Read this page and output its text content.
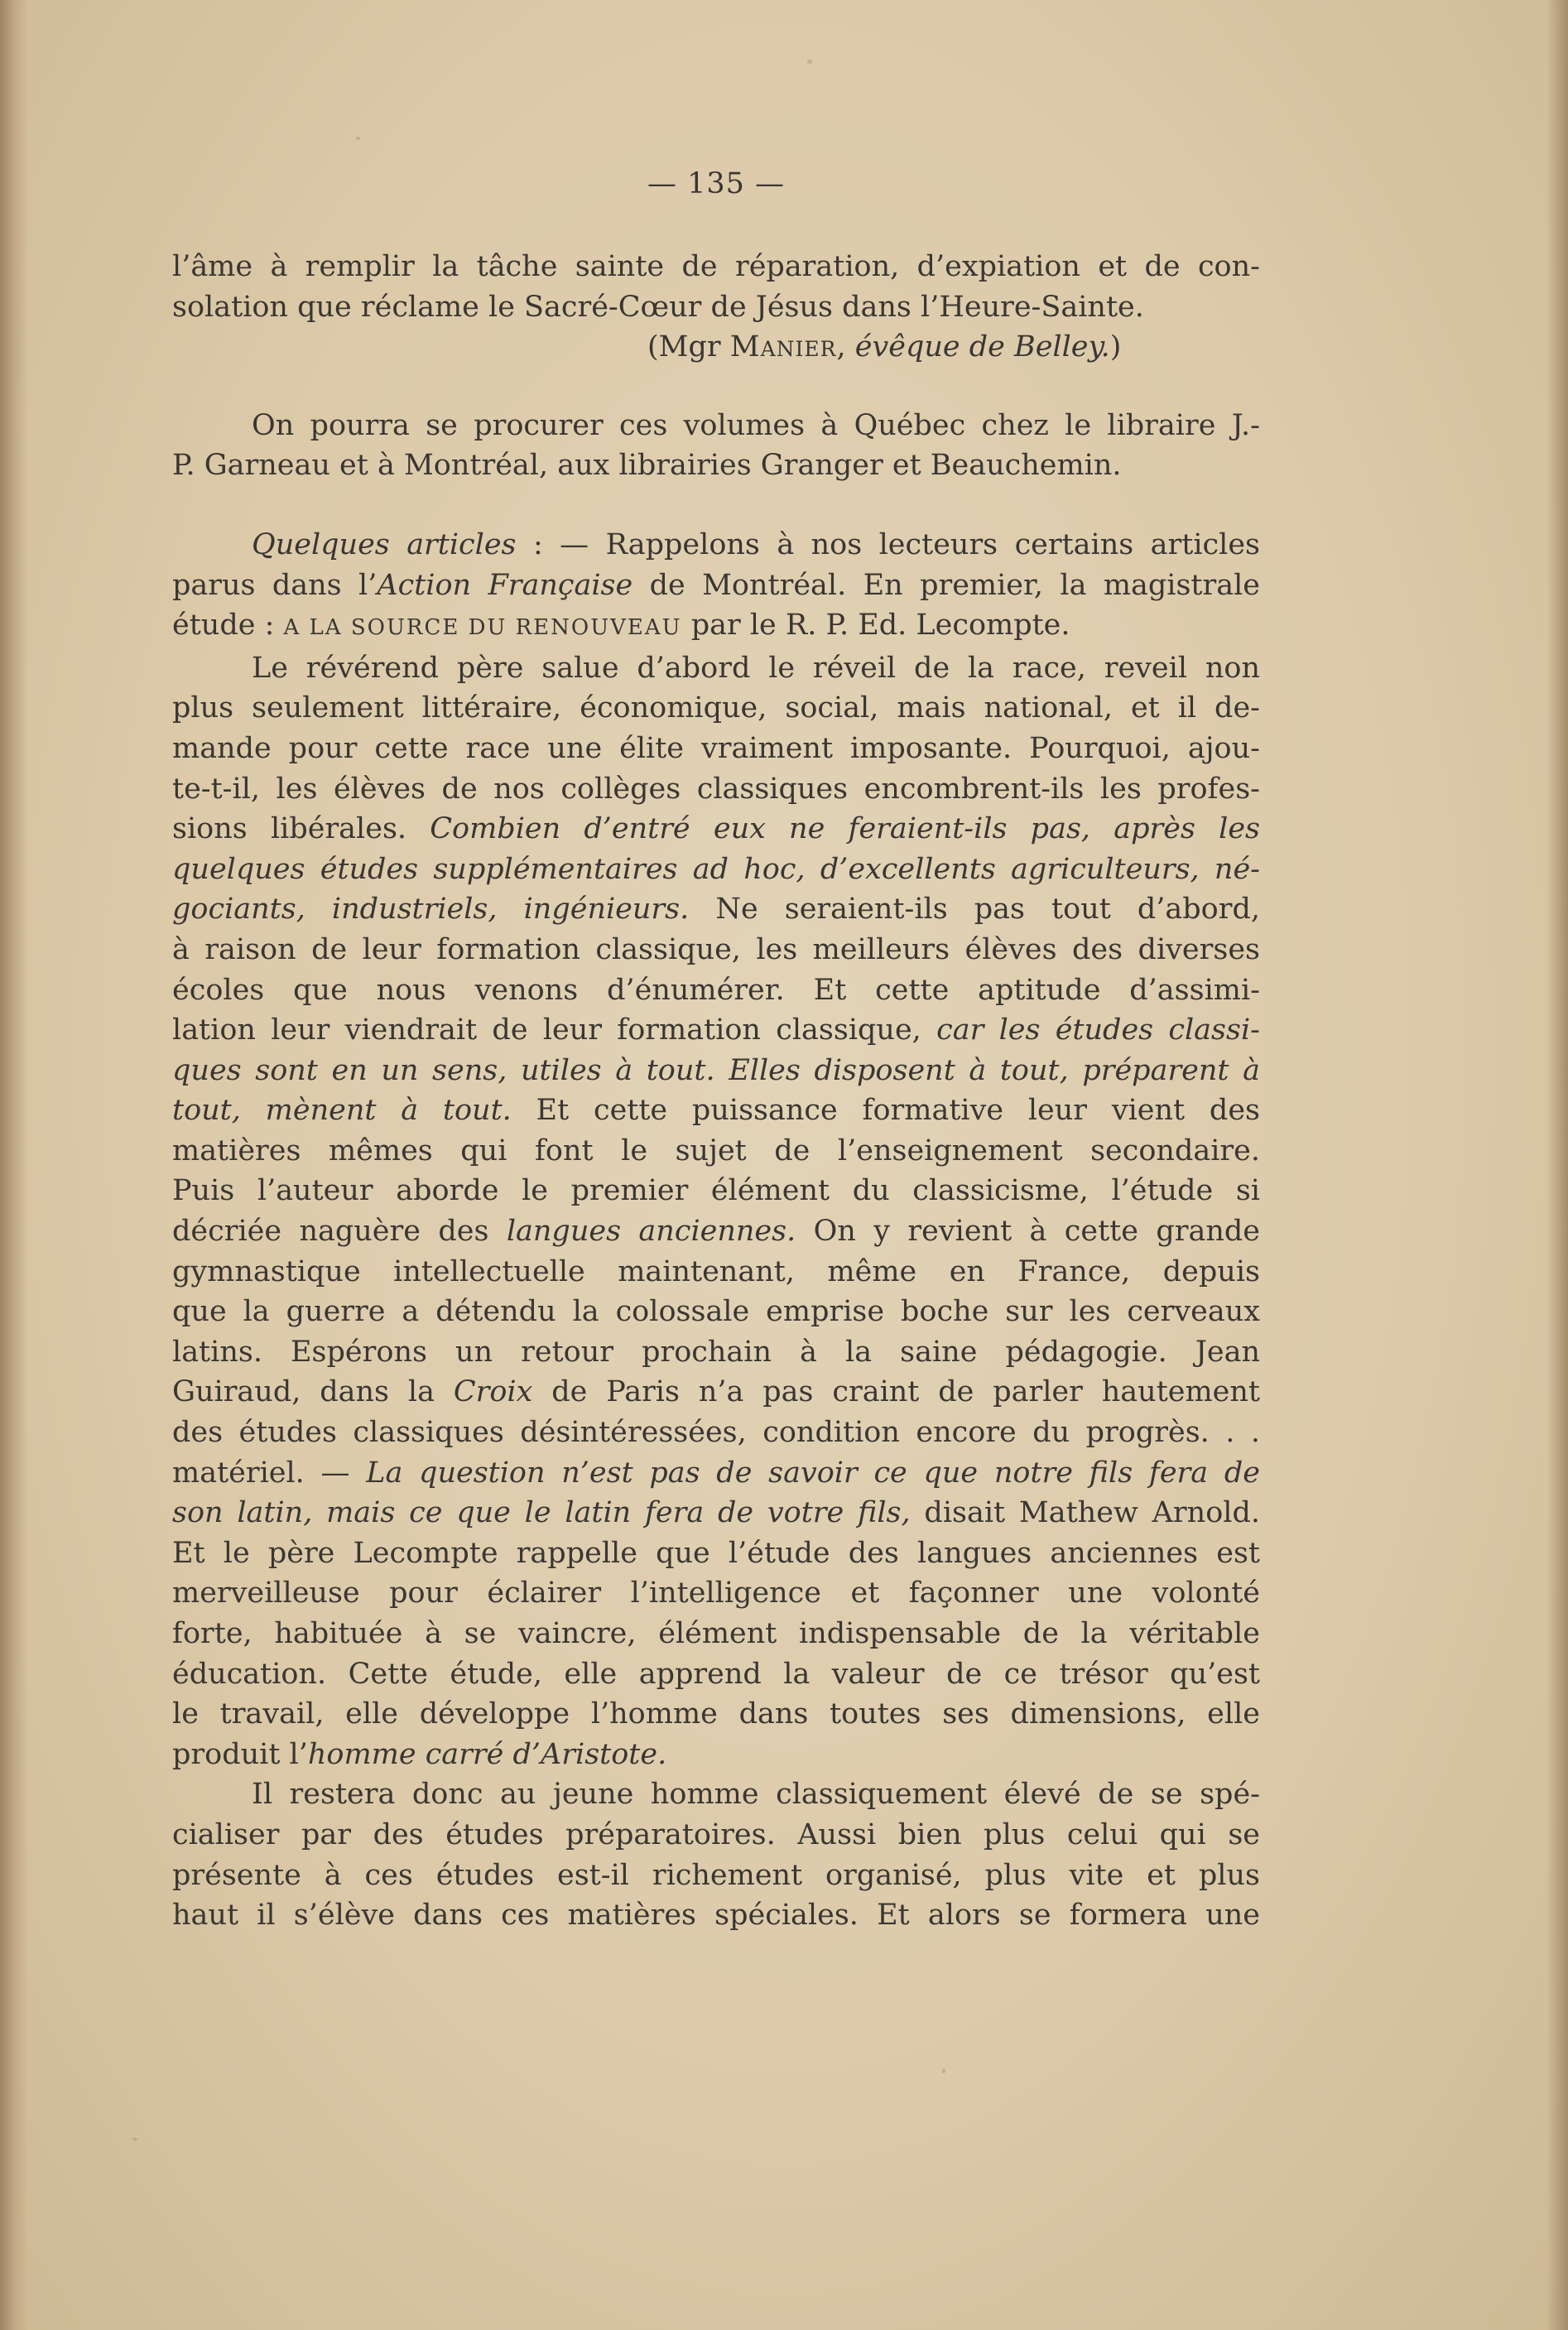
— 135 —

l’âme à remplir la tâche sainte de réparation, d’expiation et de con-

solation que réclame le Sacré-Cœur de Jésus dans l’Heure-Sainte.

(Mgr Manier, évêque de Belley.)

On pourra se procurer ces volumes à Québec chez le libraire J.-

P. Garneau et à Montréal, aux librairies Granger et Beauchemin.

Quelques articles : — Rappelons à nos lecteurs certains articles

parus dans l’Action Française de Montréal. En premier, la magistrale

étude : A LA SOURCE DU RENOUVEAU par le R. P. Ed. Lecompte.

Le révérend père salue d’abord le réveil de la race, reveil non

plus seulement littéraire, économique, social, mais national, et il de-

mande pour cette race une élite vraiment imposante. Pourquoi, ajou-

te-t-il, les élèves de nos collèges classiques encombrent-ils les profes-

sions libérales. Combien d’entré eux ne feraient-ils pas, après les

quelques études supplémentaires ad hoc, d’excellents agriculteurs, né-

gociants, industriels, ingénieurs. Ne seraient-ils pas tout d’abord,

à raison de leur formation classique, les meilleurs élèves des diverses

écoles que nous venons d’énumérer. Et cette aptitude d’assimi-

lation leur viendrait de leur formation classique, car les études classi-

ques sont en un sens, utiles à tout. Elles disposent à tout, préparent à

tout, mènent à tout. Et cette puissance formative leur vient des

matières mêmes qui font le sujet de l’enseignement secondaire.

Puis l’auteur aborde le premier élément du classicisme, l’étude si

décriée naguère des langues anciennes. On y revient à cette grande

gymnastique intellectuelle maintenant, même en France, depuis

que la guerre a détendu la colossale emprise boche sur les cerveaux

latins. Espérons un retour prochain à la saine pédagogie. Jean

Guiraud, dans la Croix de Paris n’a pas craint de parler hautement

des études classiques désintéressées, condition encore du progrès. . .

matériel. — La question n’est pas de savoir ce que notre fils fera de

son latin, mais ce que le latin fera de votre fils, disait Mathew Arnold.

Et le père Lecompte rappelle que l’étude des langues anciennes est

merveilleuse pour éclairer l’intelligence et façonner une volonté

forte, habituée à se vaincre, élément indispensable de la véritable

éducation. Cette étude, elle apprend la valeur de ce trésor qu’est

le travail, elle développe l’homme dans toutes ses dimensions, elle

produit l’homme carré d’Aristote.

Il restera donc au jeune homme classiquement élevé de se spé-

cialiser par des études préparatoires. Aussi bien plus celui qui se

présente à ces études est-il richement organisé, plus vite et plus

haut il s’élève dans ces matières spéciales. Et alors se formera une
